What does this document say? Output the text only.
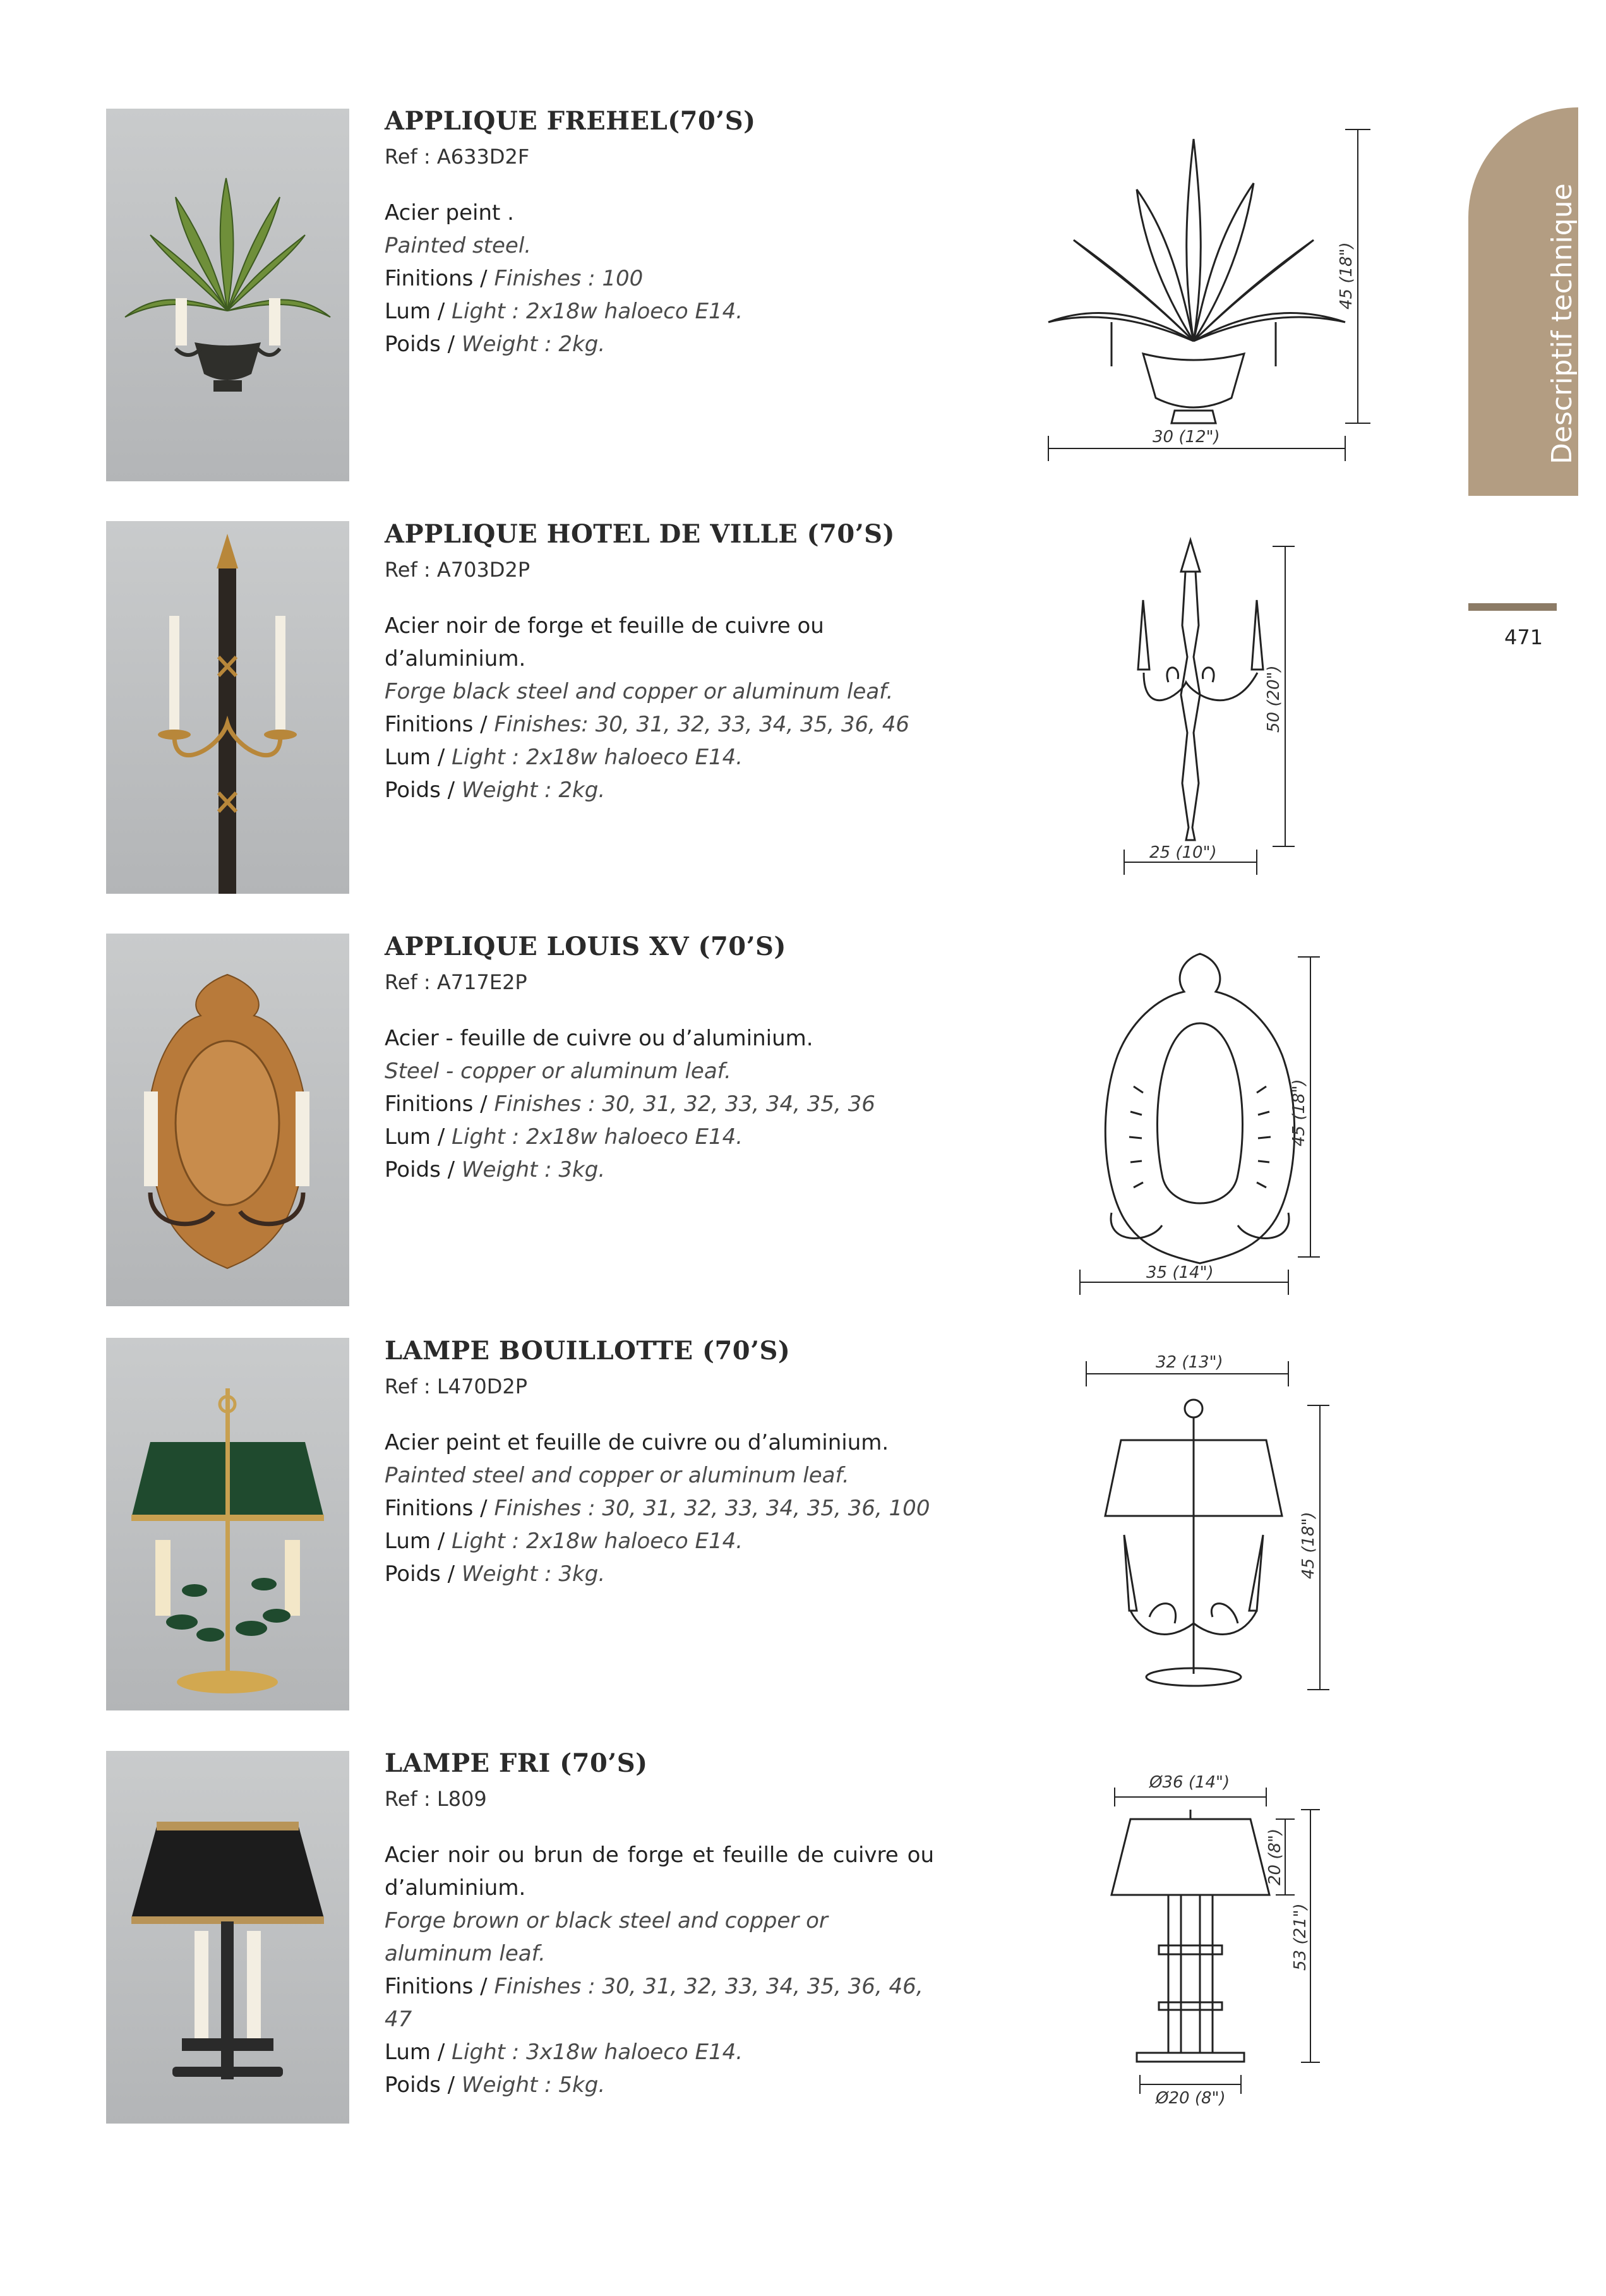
Descriptif technique
Technical descrription
471
APPLIQUE FREHEL(70’S)
Ref : A633D2F
Acier peint .
Painted steel.
Finitions / Finishes : 100
Lum / Light : 2x18w haloeco E14.
Poids / Weight : 2kg.
30 (12")
45 (18")
APPLIQUE HOTEL DE VILLE (70’S)
Ref : A703D2P
Acier noir de forge et feuille de cuivre ou d’aluminium.
Forge black steel and copper or aluminum leaf.
Finitions / Finishes: 30, 31, 32, 33, 34, 35, 36, 46
Lum / Light : 2x18w haloeco E14.
Poids / Weight : 2kg.
25 (10")
50 (20")
APPLIQUE LOUIS XV (70’S)
Ref : A717E2P
Acier - feuille de cuivre ou d’aluminium.
Steel - copper or aluminum leaf.
Finitions / Finishes : 30, 31, 32, 33, 34, 35, 36
Lum / Light : 2x18w haloeco E14.
Poids / Weight : 3kg.
35 (14")
45 (18")
LAMPE BOUILLOTTE (70’S)
Ref : L470D2P
Acier peint et feuille de cuivre ou d’aluminium.
Painted steel and copper or aluminum leaf.
Finitions / Finishes : 30, 31, 32, 33, 34, 35, 36, 100
Lum / Light : 2x18w haloeco E14.
Poids / Weight : 3kg.
32 (13")
45 (18")
LAMPE FRI (70’S)
Ref : L809
Acier noir ou brun de forge et feuille de cuivre ou d’aluminium.
Forge brown or black steel and copper or aluminum leaf.
Finitions / Finishes : 30, 31, 32, 33, 34, 35, 36, 46, 47
Lum / Light : 3x18w haloeco E14.
Poids / Weight : 5kg.
Ø36 (14")
20 (8")
53 (21")
Ø20 (8")
